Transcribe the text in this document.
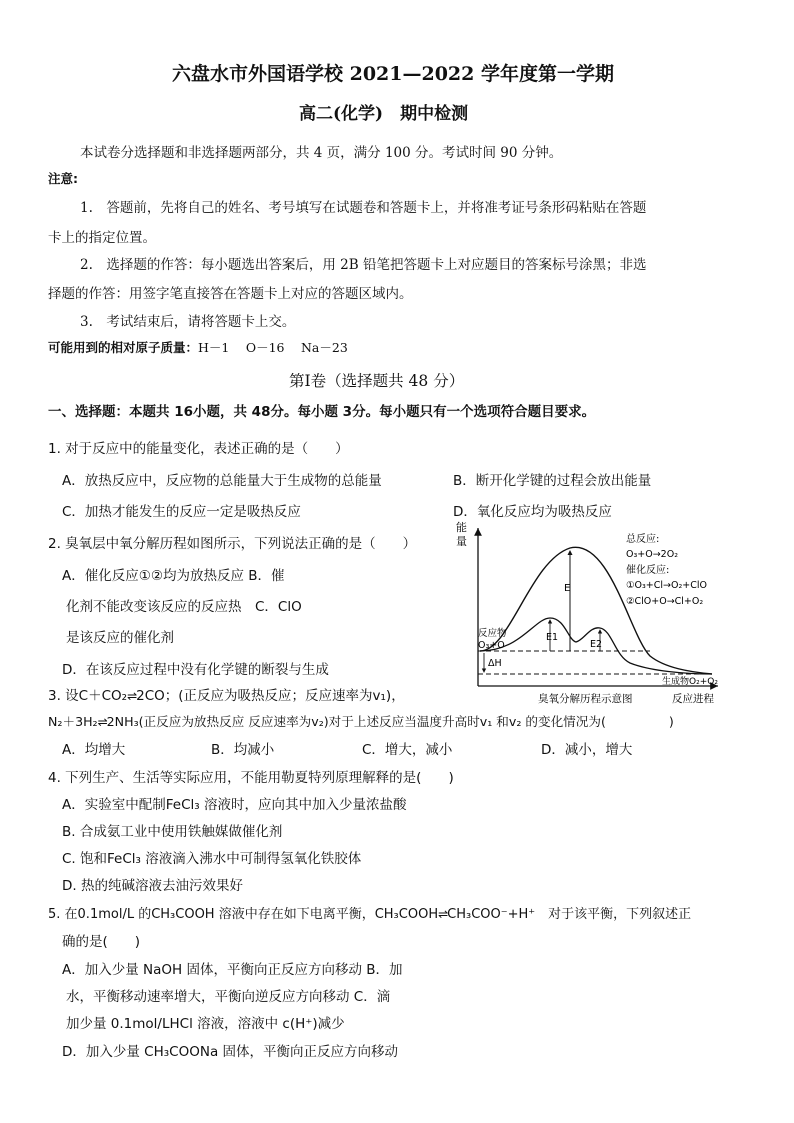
六盘水市外国语学校 2021—2022 学年度第一学期
高二(化学)　期中检测
本试卷分选择题和非选择题两部分，共 4 页，满分 100 分。考试时间 90 分钟。
注意:
1.　答题前，先将自己的姓名、考号填写在试题卷和答题卡上，并将准考证号条形码粘贴在答题
卡上的指定位置。
2.　选择题的作答：每小题选出答案后，用 2B 铅笔把答题卡上对应题目的答案标号涂黑；非选
择题的作答：用签字笔直接答在答题卡上对应的答题区域内。
3.　考试结束后，请将答题卡上交。
可能用到的相对原子质量：H－1　 O－16　 Na－23
第Ⅰ卷（选择题共 48 分）
一、选择题：本题共 16小题，共 48分。每小题 3分。每小题只有一个选项符合题目要求。
1. 对于反应中的能量变化，表述正确的是（　　）
A．放热反应中，反应物的总能量大于生成物的总能量	B．断开化学键的过程会放出能量
C．加热才能发生的反应一定是吸热反应	D．氧化反应均为吸热反应
2. 臭氧层中氧分解历程如图所示，下列说法正确的是（　　）
A．催化反应①②均为放热反应 B．催
化剂不能改变该反应的反应热　C．ClO
是该反应的催化剂
D．在该反应过程中没有化学键的断裂与生成
能
量
反应进程
臭氧分解历程示意图
E
E1
E2
ΔH
反应物
O₃+O
生成物O₂+O₂
总反应:
O₃+O→2O₂
催化反应:
①O₃+Cl→O₂+ClO
②ClO+O→Cl+O₂
3. 设C＋CO₂⇌2CO；(正反应为吸热反应；反应速率为v₁)，
N₂＋3H₂⇌2NH₃(正反应为放热反应 反应速率为v₂)对于上述反应当温度升高时v₁ 和v₂ 的变化情况为(　　　　　)
A．均增大	B．均减小	C．增大，减小	D．减小，增大
4. 下列生产、生活等实际应用，不能用勒夏特列原理解释的是(　　)
A．实验室中配制FeCl₃ 溶液时，应向其中加入少量浓盐酸
B. 合成氨工业中使用铁触媒做催化剂
C. 饱和FeCl₃ 溶液滴入沸水中可制得氢氧化铁胶体
D. 热的纯碱溶液去油污效果好
5. 在0.1mol/L 的CH₃COOH 溶液中存在如下电离平衡，CH₃COOH⇌CH₃COO⁻+H⁺　对于该平衡，下列叙述正
确的是(　　)
A．加入少量 NaOH 固体，平衡向正反应方向移动 B．加
水，平衡移动速率增大，平衡向逆反应方向移动 C．滴
加少量 0.1mol/LHCl 溶液，溶液中 c(H⁺)减少
D．加入少量 CH₃COONa 固体，平衡向正反应方向移动
